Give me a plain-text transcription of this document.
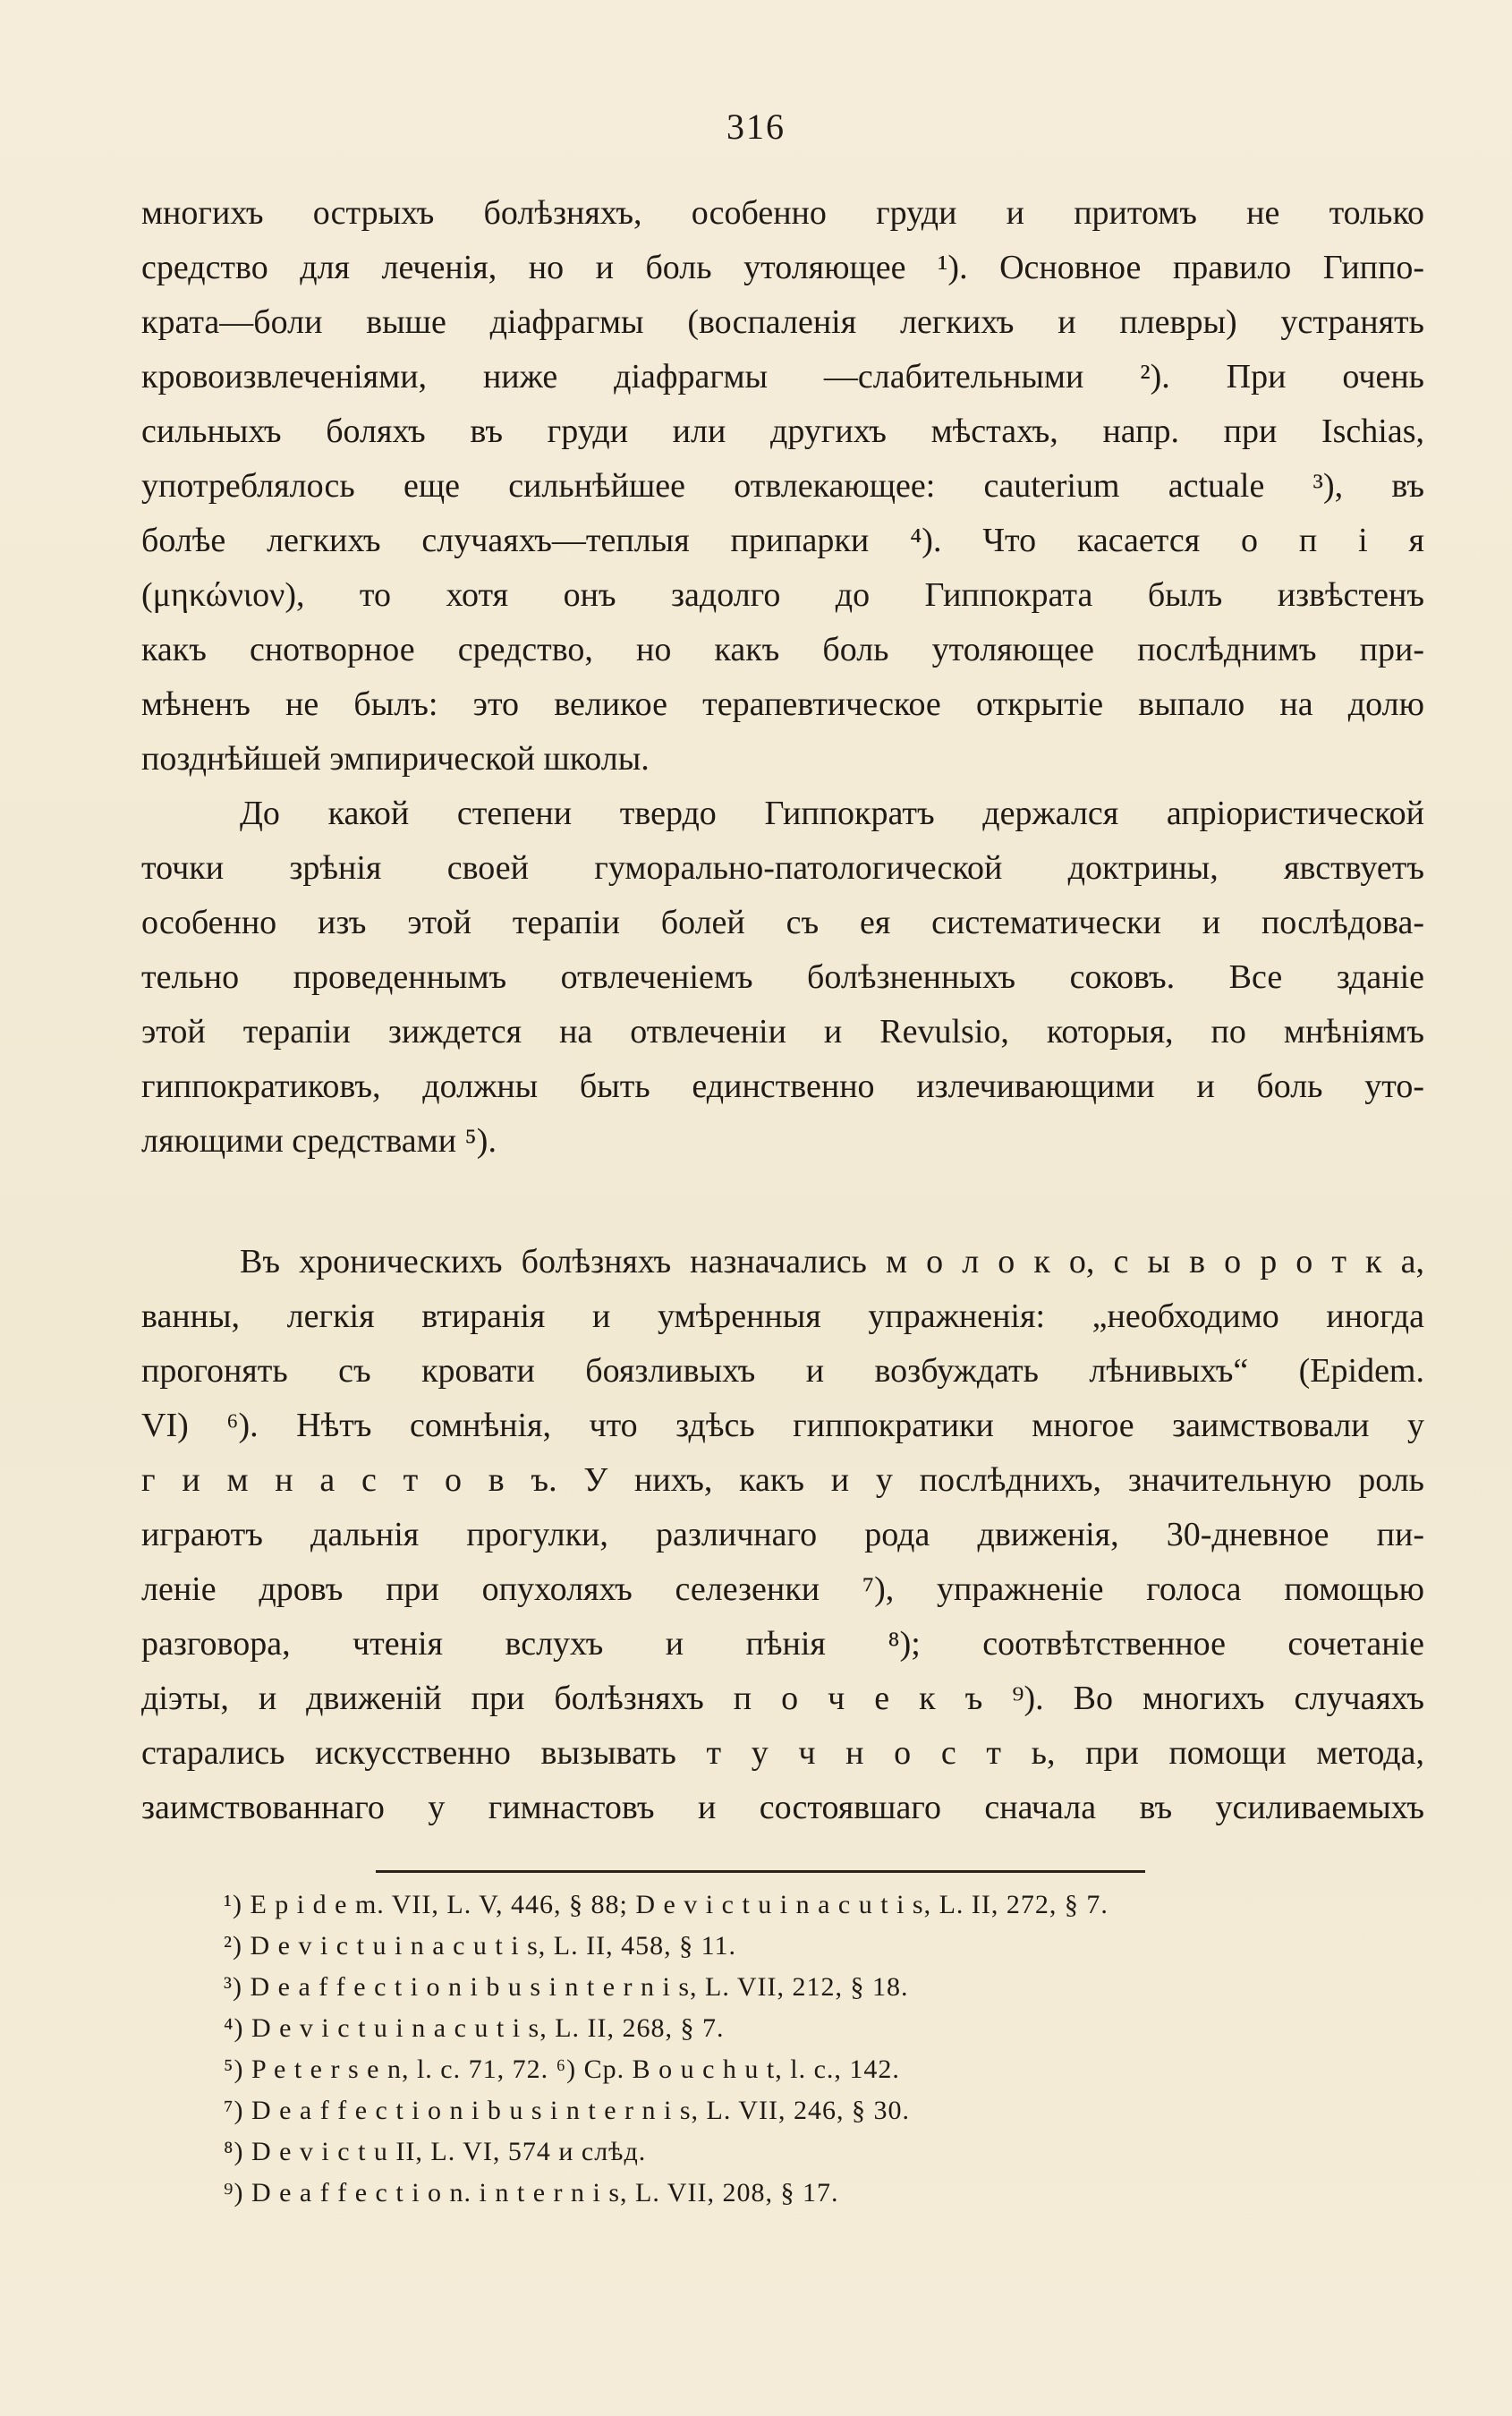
316
многихъ острыхъ болѣзняхъ, особенно груди и притомъ не только
средство для леченія, но и боль утоляющее ¹). Основное правило Гиппо-
крата—боли выше діафрагмы (воспаленія легкихъ и плевры) устранять
кровоизвлеченіями, ниже діафрагмы —слабительными ²). При очень
сильныхъ боляхъ въ груди или другихъ мѣстахъ, напр. при Ischias,
употреблялось еще сильнѣйшее отвлекающее: cauterium actuale ³), въ
болѣе легкихъ случаяхъ—теплыя припарки ⁴). Что касается о п і я
(μηκώνιον), то хотя онъ задолго до Гиппократа былъ извѣстенъ
какъ снотворное средство, но какъ боль утоляющее послѣднимъ при-
мѣненъ не былъ: это великое терапевтическое открытіе выпало на долю
позднѣйшей эмпирической школы.
До какой степени твердо Гиппократъ держался апріористической
точки зрѣнія своей гуморально-патологической доктрины, явствуетъ
особенно изъ этой терапіи болей съ ея систематически и послѣдова-
тельно проведеннымъ отвлеченіемъ болѣзненныхъ соковъ. Все зданіе
этой терапіи зиждется на отвлеченіи и Revulsio, которыя, по мнѣніямъ
гиппократиковъ, должны быть единственно излечивающими и боль уто-
ляющими средствами ⁵).
Въ хроническихъ болѣзняхъ назначались м о л о к о, с ы в о р о т к а,
ванны, легкія втиранія и умѣренныя упражненія: „необходимо иногда
прогонять съ кровати боязливыхъ и возбуждать лѣнивыхъ“ (Epidem.
VI) ⁶). Нѣтъ сомнѣнія, что здѣсь гиппократики многое заимствовали у
г и м н а с т о в ъ. У нихъ, какъ и у послѣднихъ, значительную роль
играютъ дальнія прогулки, различнаго рода движенія, 30-дневное пи-
леніе дровъ при опухоляхъ селезенки ⁷), упражненіе голоса помощью
разговора, чтенія вслухъ и пѣнія ⁸); соотвѣтственное сочетаніе
діэты, и движеній при болѣзняхъ п о ч е к ъ ⁹). Во многихъ случаяхъ
старались искусственно вызывать т у ч н о с т ь, при помощи метода,
заимствованнаго у гимнастовъ и состоявшаго сначала въ усиливаемыхъ
¹) E p i d e m. VII, L. V, 446, § 88; D e v i c t u i n a c u t i s, L. II, 272, § 7.
²) D e v i c t u i n a c u t i s, L. II, 458, § 11.
³) D e a f f e c t i o n i b u s i n t e r n i s, L. VII, 212, § 18.
⁴) D e v i c t u i n a c u t i s, L. II, 268, § 7.
⁵) P e t e r s e n, l. c. 71, 72. ⁶) Ср. B o u c h u t, l. c., 142.
⁷) D e a f f e c t i o n i b u s i n t e r n i s, L. VII, 246, § 30.
⁸) D e v i c t u II, L. VI, 574 и слѣд.
⁹) D e a f f e c t i o n. i n t e r n i s, L. VII, 208, § 17.
